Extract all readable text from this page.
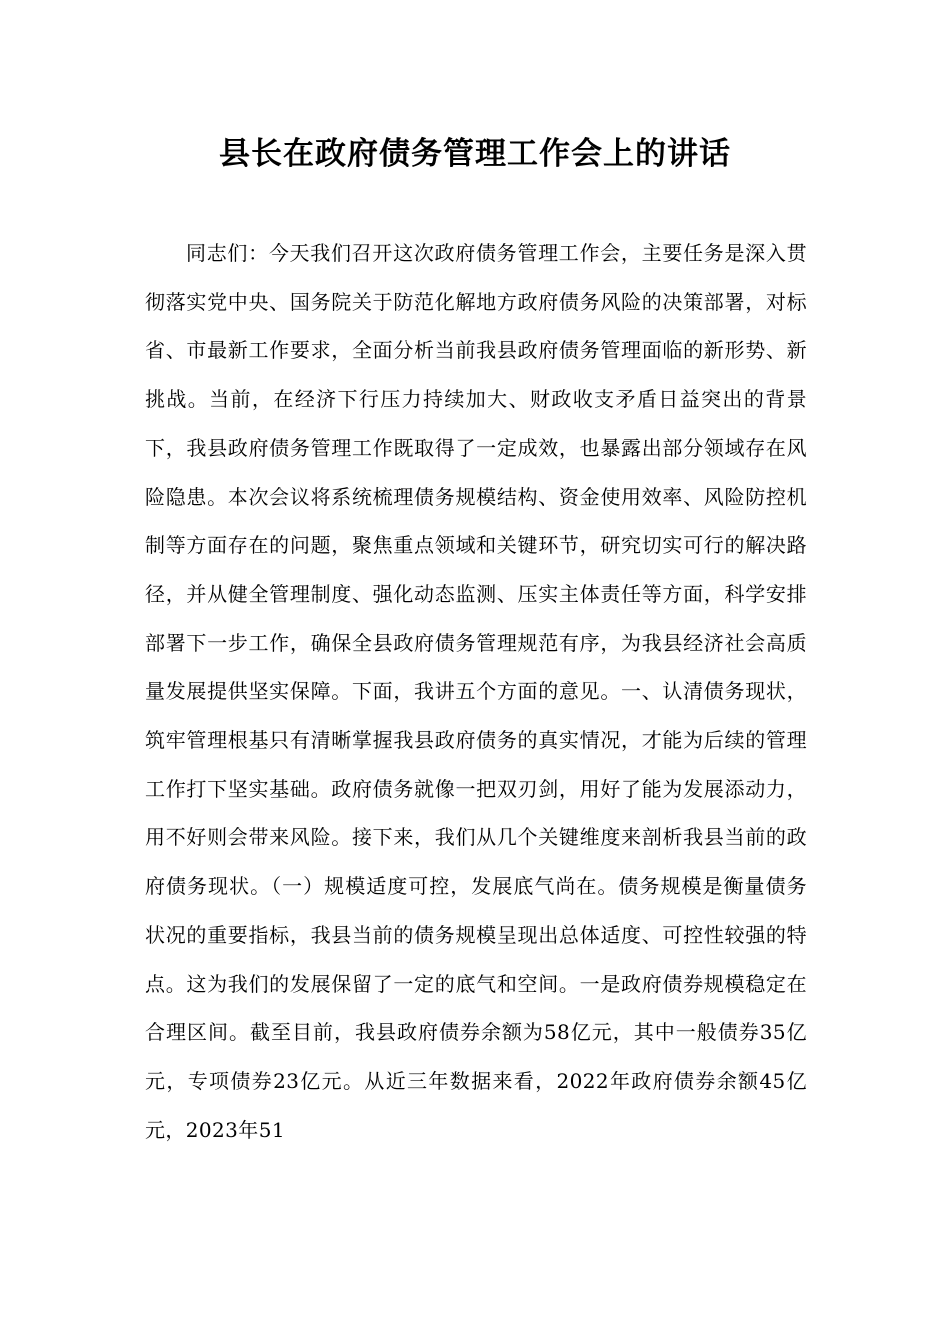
县长在政府债务管理工作会上的讲话

同志们：今天我们召开这次政府债务管理工作会，主要任务是深入贯彻落实党中央、国务院关于防范化解地方政府债务风险的决策部署，对标省、市最新工作要求，全面分析当前我县政府债务管理面临的新形势、新挑战。当前，在经济下行压力持续加大、财政收支矛盾日益突出的背景下，我县政府债务管理工作既取得了一定成效，也暴露出部分领域存在风险隐患。本次会议将系统梳理债务规模结构、资金使用效率、风险防控机制等方面存在的问题，聚焦重点领域和关键环节，研究切实可行的解决路径，并从健全管理制度、强化动态监测、压实主体责任等方面，科学安排部署下一步工作，确保全县政府债务管理规范有序，为我县经济社会高质量发展提供坚实保障。下面，我讲五个方面的意见。一、认清债务现状，筑牢管理根基只有清晰掌握我县政府债务的真实情况，才能为后续的管理工作打下坚实基础。政府债务就像一把双刃剑，用好了能为发展添动力，用不好则会带来风险。接下来，我们从几个关键维度来剖析我县当前的政府债务现状。（一）规模适度可控，发展底气尚在。债务规模是衡量债务状况的重要指标，我县当前的债务规模呈现出总体适度、可控性较强的特点。这为我们的发展保留了一定的底气和空间。一是政府债券规模稳定在合理区间。截至目前，我县政府债券余额为58亿元，其中一般债券35亿元，专项债券23亿元。从近三年数据来看，2022年政府债券余额45亿元，2023年51
